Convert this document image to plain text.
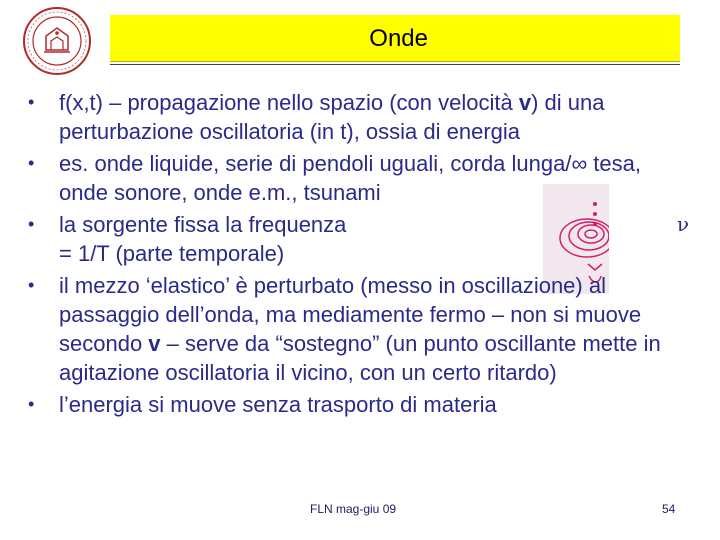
Onde
• f(x,t) – propagazione nello spazio (con velocità v) di una perturbazione oscillatoria (in t), ossia di energia
• es. onde liquide, serie di pendoli uguali, corda lunga/∞ tesa, onde sonore, onde e.m., tsunami
• la sorgente fissa la frequenza	ν

= 1/T (parte temporale)
• il mezzo ‘elastico’ è perturbato (messo in oscillazione) al passaggio dell’onda, ma mediamente fermo – non si muove secondo v – serve da “sostegno” (un punto oscillante mette in agitazione oscillatoria il vicino, con un certo ritardo)
• l’energia si muove senza trasporto di materia
FLN mag-giu 09	54
